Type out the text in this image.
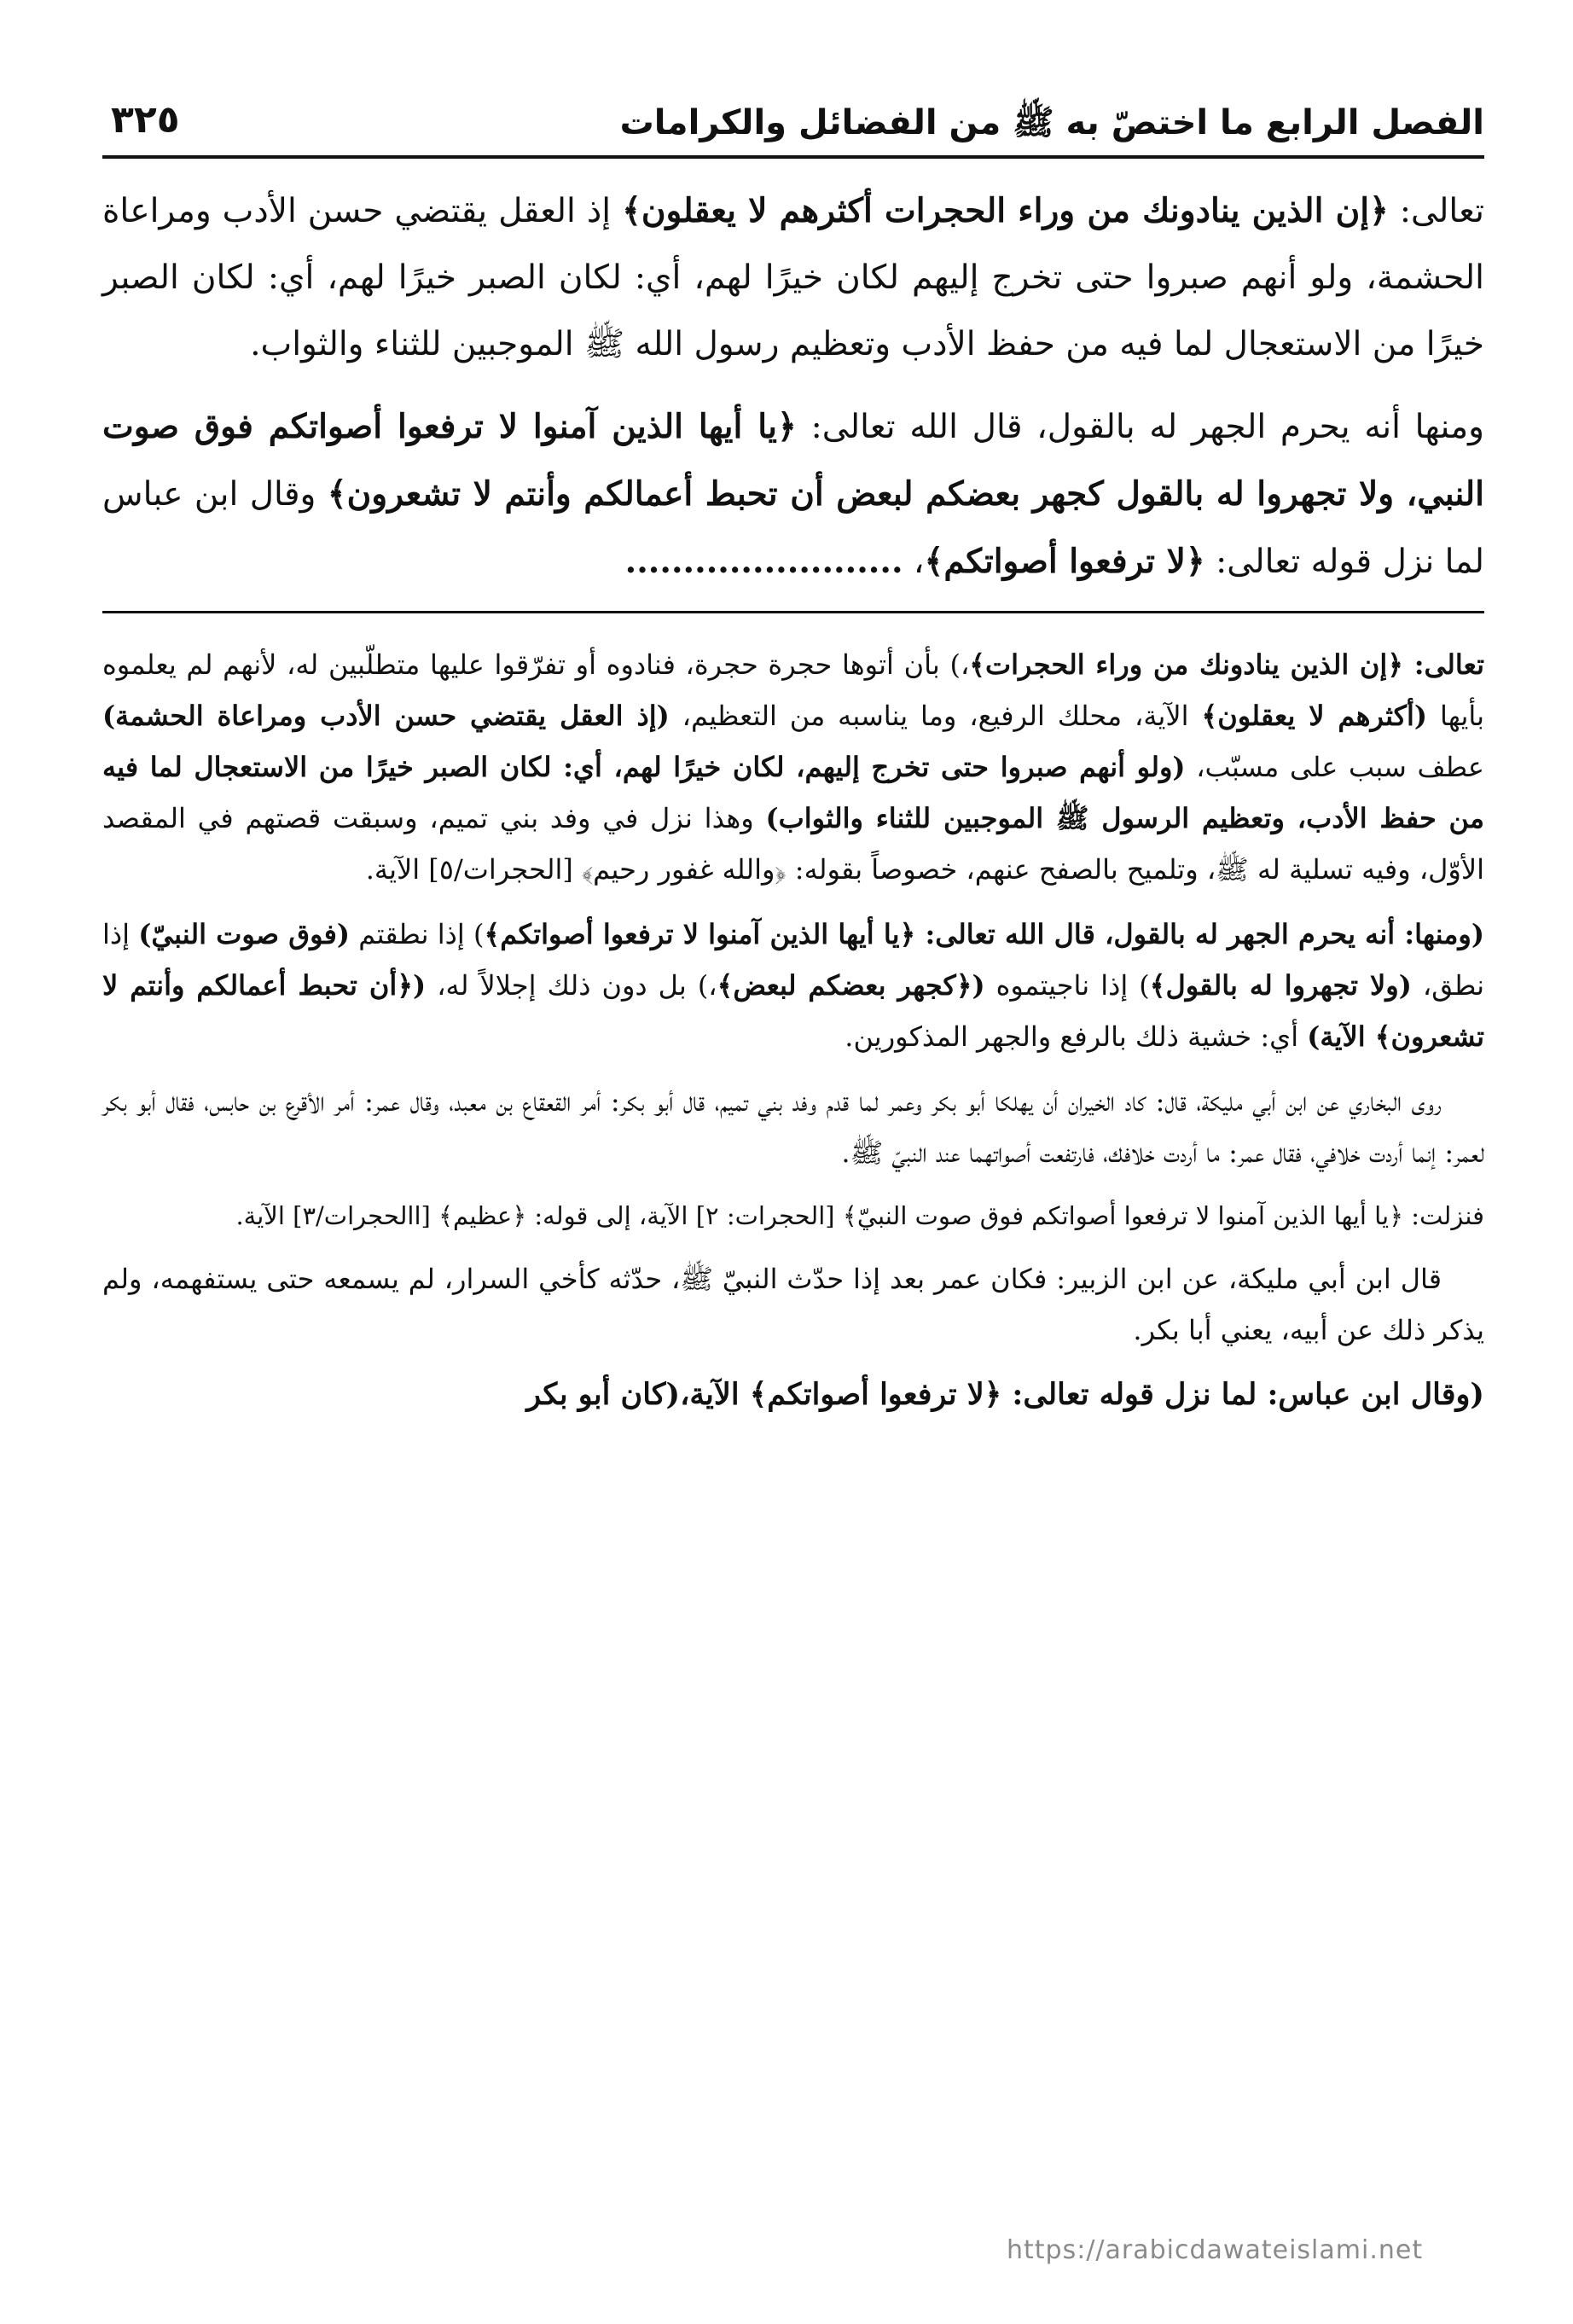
الفصل الرابع ما اختصّ به ﷺ من الفضائل والكرامات
٣٢٥

تعالى: ﴿إن الذين ينادونك من وراء الحجرات أكثرهم لا يعقلون﴾ إذ العقل يقتضي حسن الأدب ومراعاة الحشمة، ولو أنهم صبروا حتى تخرج إليهم لكان خيرًا لهم، أي: لكان الصبر خيرًا لهم، أي: لكان الصبر خيرًا من الاستعجال لما فيه من حفظ الأدب وتعظيم رسول الله ﷺ الموجبين للثناء والثواب.

ومنها أنه يحرم الجهر له بالقول، قال الله تعالى: ﴿يا أيها الذين آمنوا لا ترفعوا أصواتكم فوق صوت النبي، ولا تجهروا له بالقول كجهر بعضكم لبعض أن تحبط أعمالكم وأنتم لا تشعرون﴾ وقال ابن عباس لما نزل قوله تعالى: ﴿لا ترفعوا أصواتكم﴾، ........................

تعالى: ﴿إن الذين ينادونك من وراء الحجرات﴾،) بأن أتوها حجرة حجرة، فنادوه أو تفرّقوا عليها متطلّبين له، لأنهم لم يعلموه بأيها (أكثرهم لا يعقلون﴾ الآية، محلك الرفيع، وما يناسبه من التعظيم، (إذ العقل يقتضي حسن الأدب ومراعاة الحشمة) عطف سبب على مسبّب، (ولو أنهم صبروا حتى تخرج إليهم، لكان خيرًا لهم، أي: لكان الصبر خيرًا من الاستعجال لما فيه من حفظ الأدب، وتعظيم الرسول ﷺ الموجبين للثناء والثواب) وهذا نزل في وفد بني تميم، وسبقت قصتهم في المقصد الأوّل، وفيه تسلية له ﷺ، وتلميح بالصفح عنهم، خصوصاً بقوله: ﴿والله غفور رحيم﴾ [الحجرات/٥] الآية.

(ومنها: أنه يحرم الجهر له بالقول، قال الله تعالى: ﴿يا أيها الذين آمنوا لا ترفعوا أصواتكم﴾) إذا نطقتم (فوق صوت النبيّ) إذا نطق، (ولا تجهروا له بالقول﴾) إذا ناجيتموه (﴿كجهر بعضكم لبعض﴾،) بل دون ذلك إجلالاً له، (﴿أن تحبط أعمالكم وأنتم لا تشعرون﴾ الآية) أي: خشية ذلك بالرفع والجهر المذكورين.

روى البخاري عن ابن أبي مليكة، قال: كاد الخيران أن يهلكا أبو بكر وعمر لما قدم وفد بني تميم، قال أبو بكر: أمر القعقاع بن معبد، وقال عمر: أمر الأقرع بن حابس، فقال أبو بكر لعمر: إنما أردت خلافي، فقال عمر: ما أردت خلافك، فارتفعت أصواتهما عند النبيّ ﷺ.

فنزلت: ﴿يا أيها الذين آمنوا لا ترفعوا أصواتكم فوق صوت النبيّ﴾ [الحجرات: ٢] الآية، إلى قوله: ﴿عظيم﴾ [االحجرات/٣] الآية.

قال ابن أبي مليكة، عن ابن الزبير: فكان عمر بعد إذا حدّث النبيّ ﷺ، حدّثه كأخي السرار، لم يسمعه حتى يستفهمه، ولم يذكر ذلك عن أبيه، يعني أبا بكر.

(وقال ابن عباس: لما نزل قوله تعالى: ﴿لا ترفعوا أصواتكم﴾ الآية،(كان أبو بكر

https://arabicdawateislami.net
